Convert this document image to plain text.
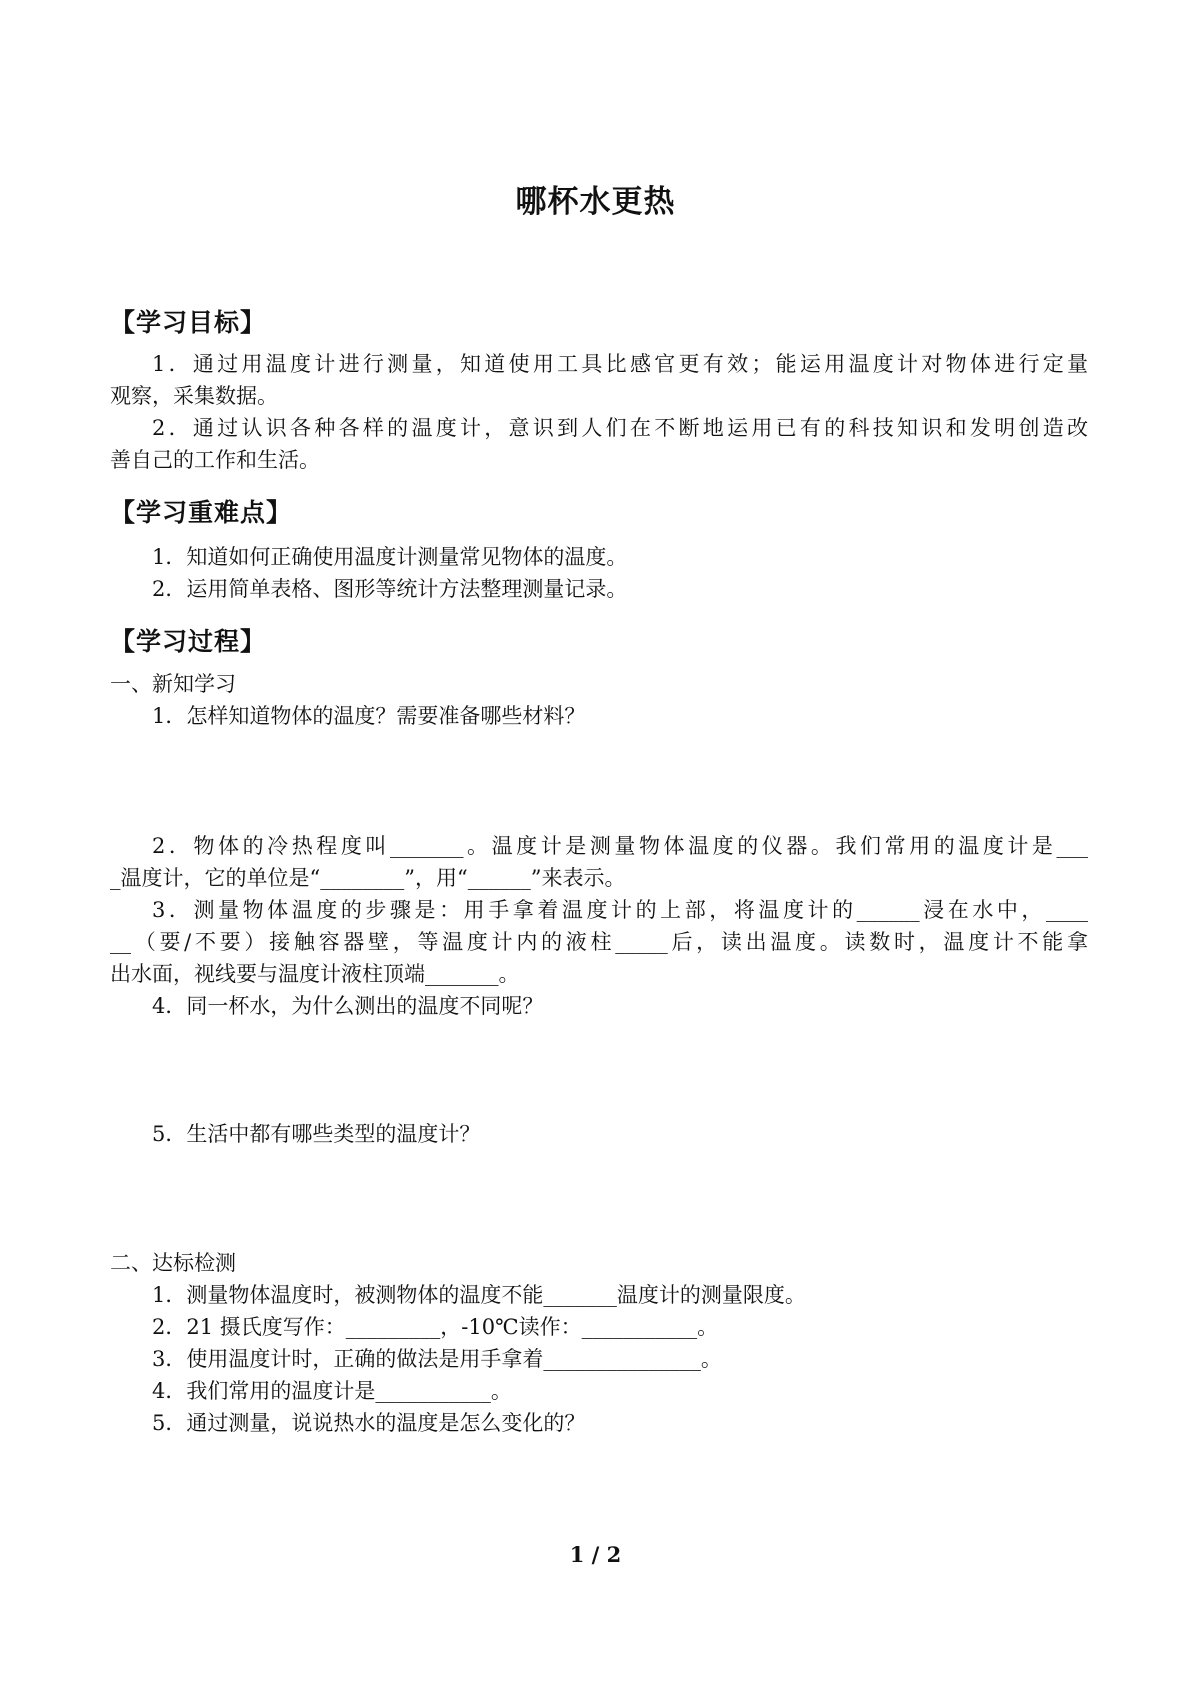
哪杯水更热
【学习目标】
1．通过用温度计进行测量，知道使用工具比感官更有效；能运用温度计对物体进行定量
观察，采集数据。
2．通过认识各种各样的温度计，意识到人们在不断地运用已有的科技知识和发明创造改
善自己的工作和生活。
【学习重难点】
1．知道如何正确使用温度计测量常见物体的温度。
2．运用简单表格、图形等统计方法整理测量记录。
【学习过程】
一、新知学习
1．怎样知道物体的温度？需要准备哪些材料？
2．物体的冷热程度叫_______。温度计是测量物体温度的仪器。我们常用的温度计是___
_温度计，它的单位是“________”，用“______”来表示。
3．测量物体温度的步骤是：用手拿着温度计的上部，将温度计的______浸在水中，____
__（要/不要）接触容器壁，等温度计内的液柱_____后，读出温度。读数时，温度计不能拿
出水面，视线要与温度计液柱顶端_______。
4．同一杯水，为什么测出的温度不同呢？
5．生活中都有哪些类型的温度计？
二、达标检测
1．测量物体温度时，被测物体的温度不能_______温度计的测量限度。
2．21 摄氏度写作：_________，-10℃读作：___________。
3．使用温度计时，正确的做法是用手拿着_______________。
4．我们常用的温度计是___________。
5．通过测量，说说热水的温度是怎么变化的？
1 / 2
